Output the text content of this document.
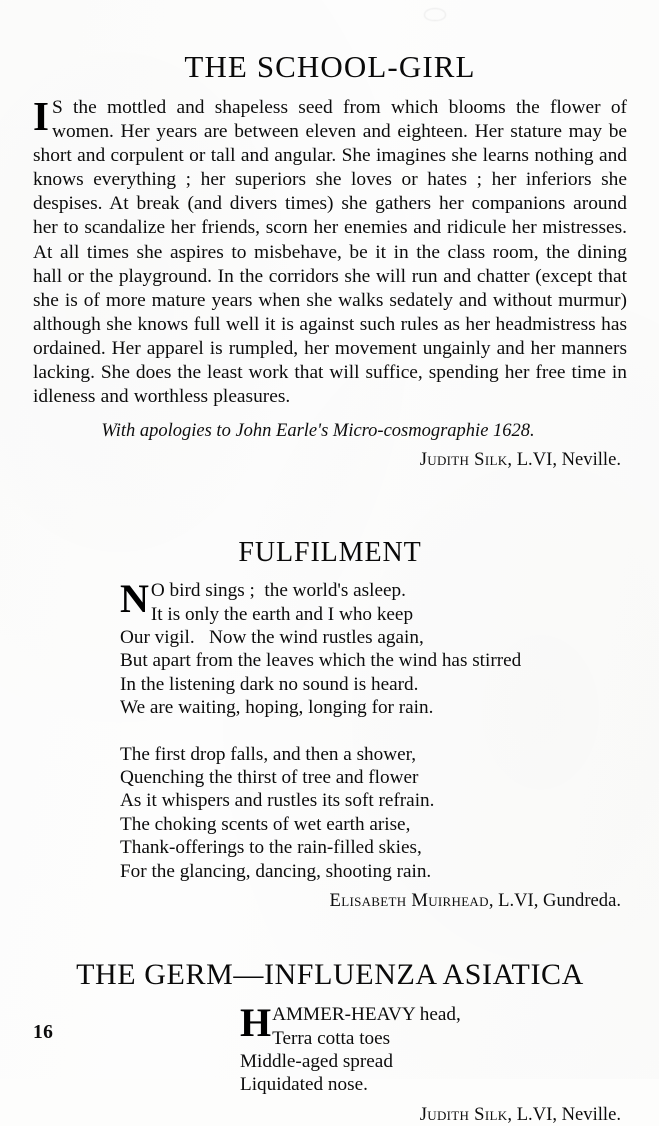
THE SCHOOL-GIRL

I S the mottled and shapeless seed from which blooms the flower of women. Her years are between eleven and eighteen. Her stature may be short and corpulent or tall and angular. She imagines she learns nothing and knows everything ; her superiors she loves or hates ; her inferiors she despises. At break (and divers times) she gathers her companions around her to scandalize her friends, scorn her enemies and ridicule her mistresses. At all times she aspires to misbehave, be it in the class room, the dining hall or the playground. In the corridors she will run and chatter (except that she is of more mature years when she walks sedately and without murmur) although she knows full well it is against such rules as her headmistress has ordained. Her apparel is rumpled, her movement ungainly and her manners lacking. She does the least work that will suffice, spending her free time in idleness and worthless pleasures.

With apologies to John Earle's Micro-cosmographie 1628.

Judith Silk, L.VI, Neville.

FULFILMENT
N O bird sings ;  the world's asleep.
It is only the earth and I who keep
Our vigil.   Now the wind rustles again,
But apart from the leaves which the wind has stirred
In the listening dark no sound is heard.
We are waiting, hoping, longing for rain.
The first drop falls, and then a shower,
Quenching the thirst of tree and flower
As it whispers and rustles its soft refrain.
The choking scents of wet earth arise,
Thank-offerings to the rain-filled skies,
For the glancing, dancing, shooting rain.

Elisabeth Muirhead, L.VI, Gundreda.

THE GERM—INFLUENZA ASIATICA
H AMMER-HEAVY head,
Terra cotta toes
Middle-aged spread
Liquidated nose.

Judith Silk, L.VI, Neville.

16
